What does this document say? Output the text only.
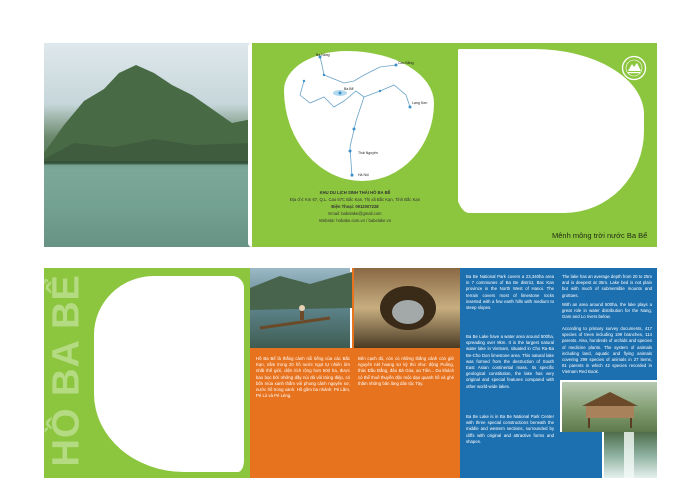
Ba Nang
Cao Bằng
Ba Bể
Lạng Sơn
Thái Nguyên
Hà Nội
KHU DU LỊCH SINH THÁI HỒ BA BỂ
Địa chỉ: Km 67, Q.L. Cao 67C Bắc Kạn, Thị xã Bắc Kạn, Tỉnh Bắc Kạn
Điện Thoại: 0912007228
Email: babelake@gmail.com
Website: hobabe.com.vn / babelake.vn
Mênh mông trời nước Ba Bể
HỒ BA BỂ	Hồ Ba Bể là thắng cảnh nổi tiếng của các Bắc Kạn, nằm trong 20 hồ nước ngọt tự nhiên lớn nhất thế giới, diện tích rộng hơn 500 ha, được bao bọc bởi những dãy núi đá vôi trùng điệp, có bốn mùa xanh thắm với phong cảnh nguyên sơ, nước hồ trong xanh. Hồ gồm ba nhánh: Pé Lầm, Pé Lù và Pé Lèng.
Bên cạnh đó, còn có những thắng cảnh còn giữ nguyên nét hoang sơ kỳ thú như: động Puông, thác Đầu Đẳng, đảo Bà Góa, ao Tiên... Du khách có thể thuê thuyền độc mộc dạo quanh hồ và ghé thăm những bản làng dân tộc Tày.
Ba Be National Park covers a 23,340ha area in 7 communes of Ba Be district, Bac Kan province in the North West of Hanoi. The terrain covers most of limestone rocks inserted with a few earth hills with medium to steep slopes.
Ba Be Lake have a water area around 500ha, spreading over 8km. It is the largest natural water lake in Vietnam, situated in Cho Ra-Ba Be-Cho Don limestone area. This natural lake was formed from the destruction of South East Asian continental mass. Its specific geological constitution, the lake has very original and special features compared with other world-wide lakes.
Ba Be Lake is in Ba Be National Park Center with three special constructions beneath the middle and western sections, surrounded by cliffs with original and attractive forms and shapes.
The lake has an average depth from 20 to 25m and is deepest at 35m. Lake bed is not plain but with much of submersible mounts and grottoes.
With an area around 500ha, the lake plays a great role in water distribution for the Nang, Gam and Lo rivers below.
According to primary survey documents, 417 species of trees including 199 branches, 114 parents. Also, hundreds of orchids and species of medicine plants. The system of animals including land, aquatic and flying animals covering 299 species of animals in 27 items, 81 parents in which 42 species recorded in Vietnam Red Book.
